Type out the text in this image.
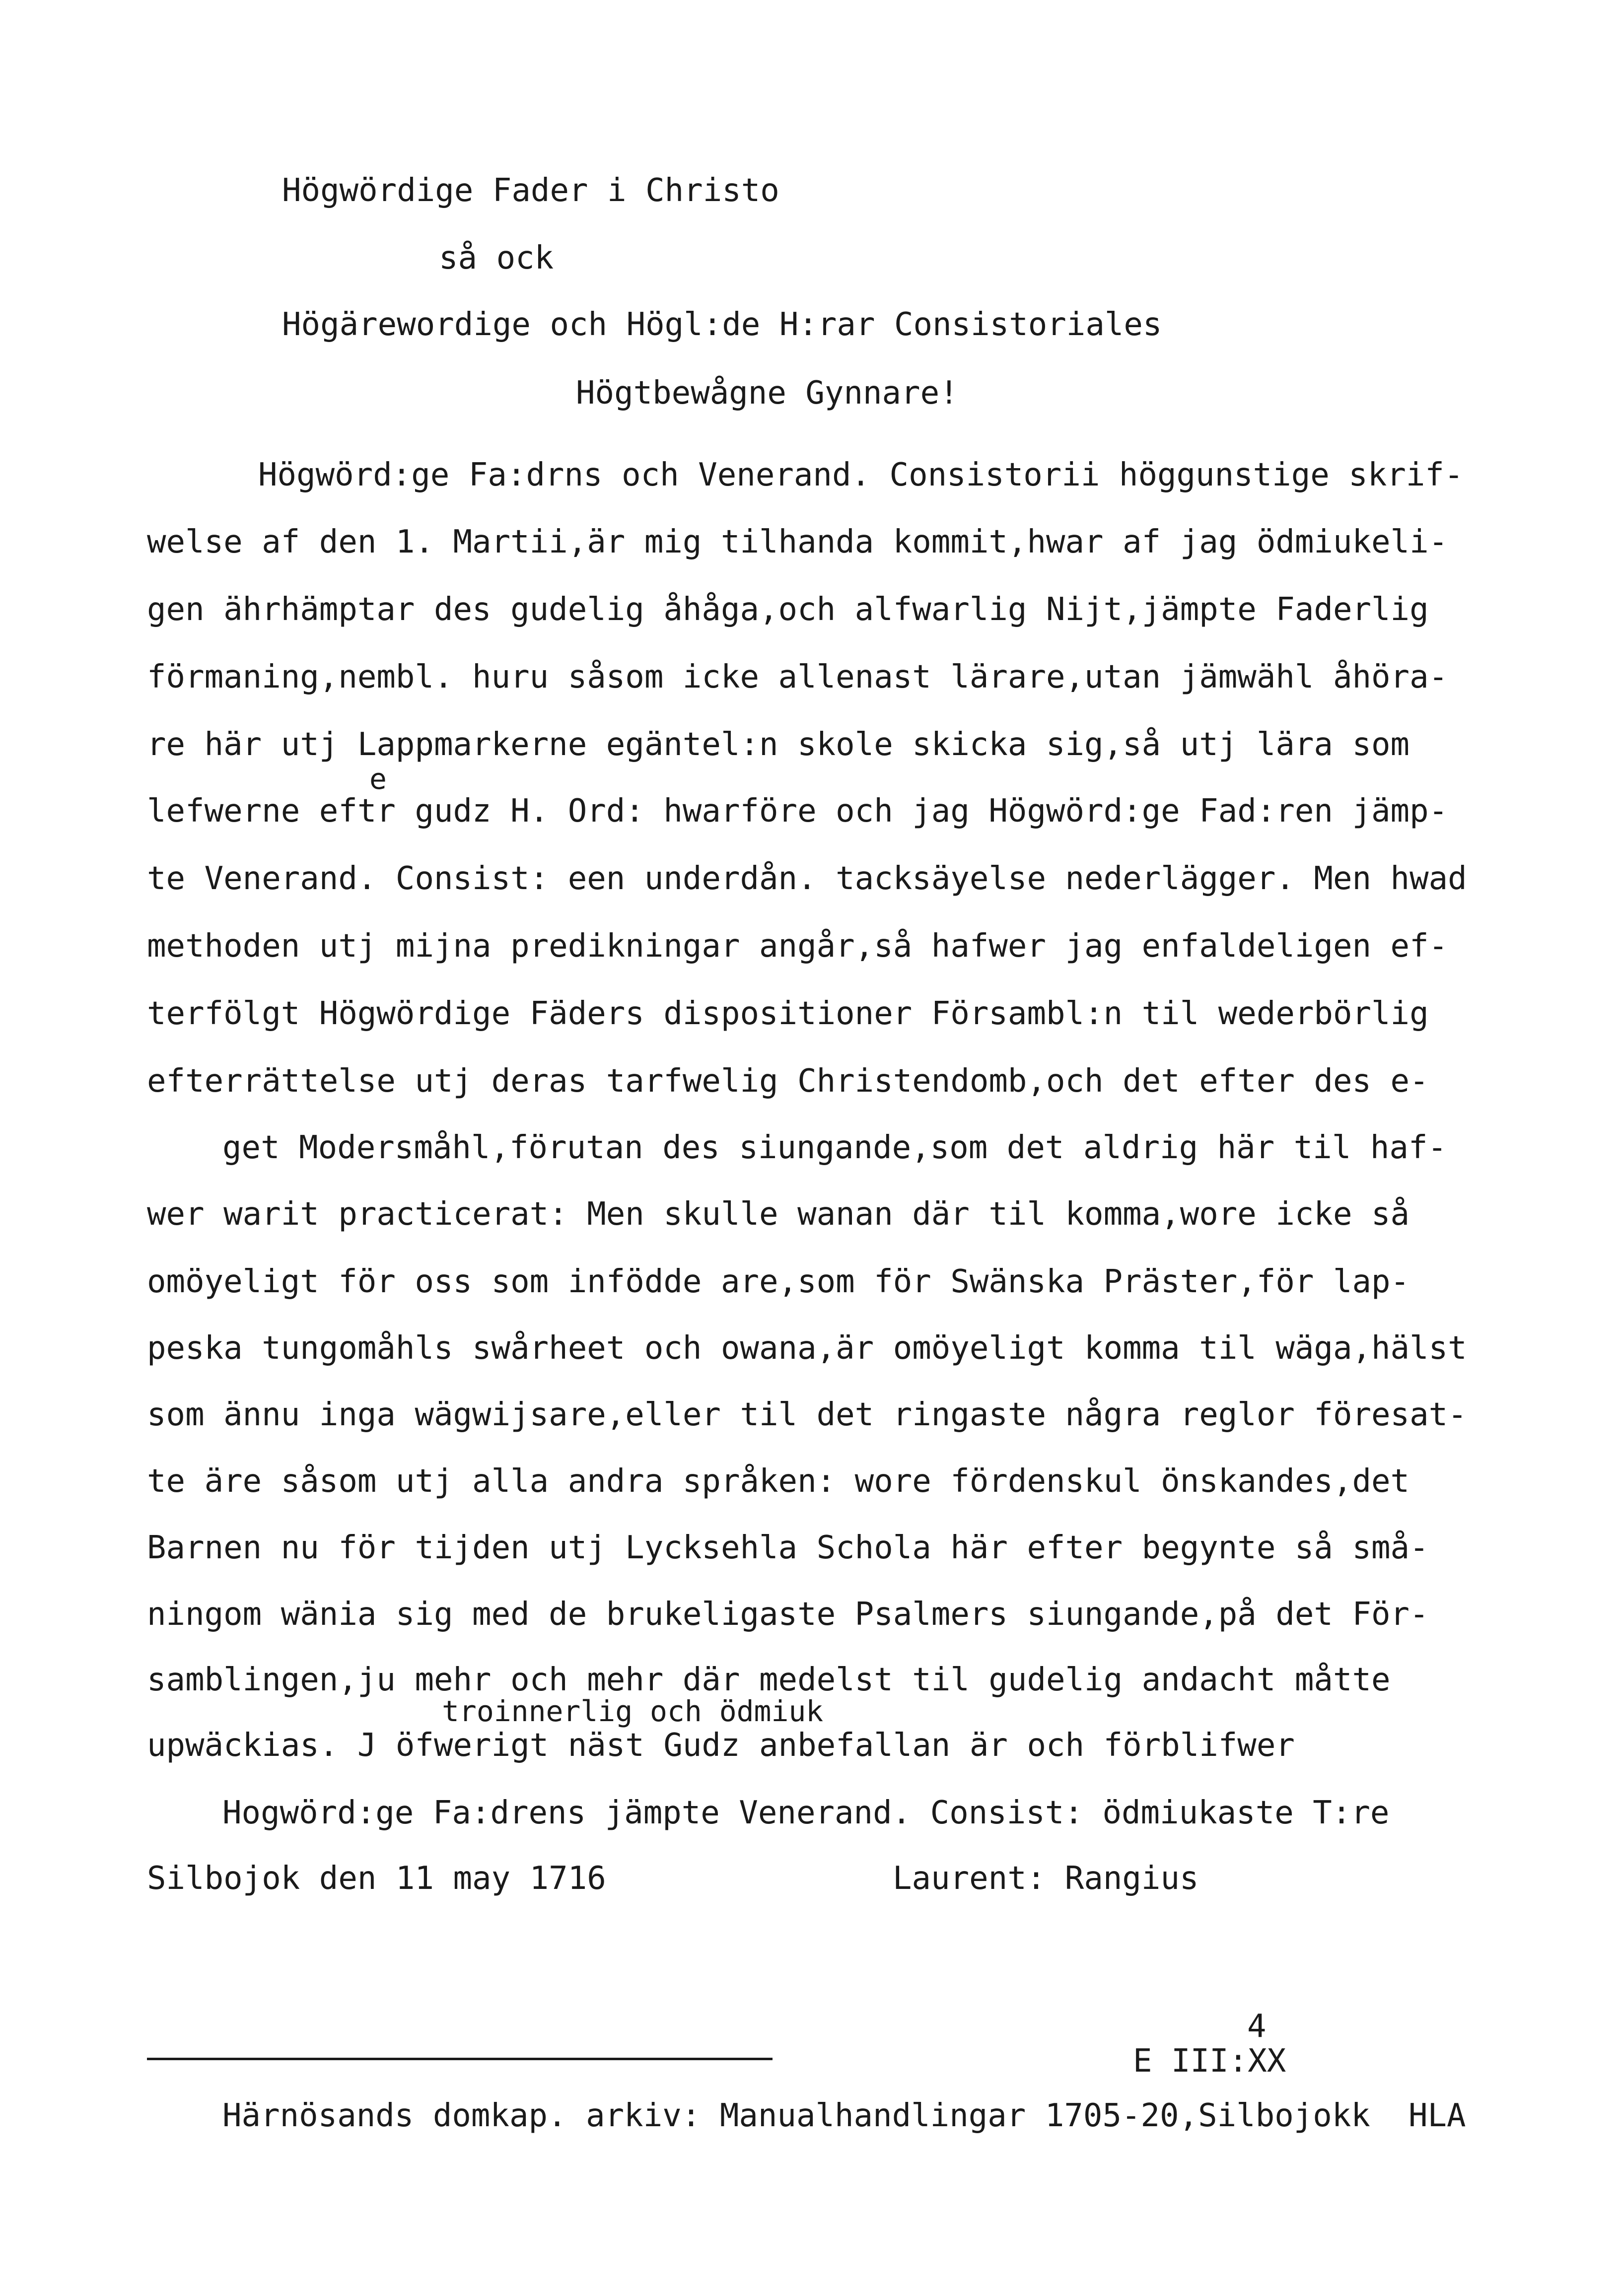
Högwördige Fader i Christo
så ock
Högärewordige och Högl:de H:rar Consistoriales
Högtbewågne Gynnare!
Högwörd:ge Fa:drns och Venerand. Consistorii höggunstige skrif-
welse af den 1. Martii,är mig tilhanda kommit,hwar af jag ödmiukeli-
gen ährhämptar des gudelig åhåga,och alfwarlig Nijt,jämpte Faderlig
förmaning,nembl. huru såsom icke allenast lärare,utan jämwähl åhöra-
re här utj Lappmarkerne egäntel:n skole skicka sig,så utj lära som
e
lefwerne eftr gudz H. Ord: hwarföre och jag Högwörd:ge Fad:ren jämp-
te Venerand. Consist: een underdån. tacksäyelse nederlägger. Men hwad
methoden utj mijna predikningar angår,så hafwer jag enfaldeligen ef-
terfölgt Högwördige Fäders dispositioner Försambl:n til wederbörlig
efterrättelse utj deras tarfwelig Christendomb,och det efter des e-
get Modersmåhl,förutan des siungande,som det aldrig här til haf-
wer warit practicerat: Men skulle wanan där til komma,wore icke så
omöyeligt för oss som infödde are,som för Swänska Präster,för lap-
peska tungomåhls swårheet och owana,är omöyeligt komma til wäga,hälst
som ännu inga wägwijsare,eller til det ringaste några reglor föresat-
te äre såsom utj alla andra språken: wore fördenskul önskandes,det
Barnen nu för tijden utj Lycksehla Schola här efter begynte så små-
ningom wänia sig med de brukeligaste Psalmers siungande,på det För-
samblingen,ju mehr och mehr där medelst til gudelig andacht måtte
troinnerlig och ödmiuk
upwäckias. J öfwerigt näst Gudz anbefallan är och förblifwer
Hogwörd:ge Fa:drens jämpte Venerand. Consist: ödmiukaste T:re
Silbojok den 11 may 1716	Laurent: Rangius
4
E III:XX
Härnösands domkap. arkiv: Manualhandlingar 1705-20,Silbojokk  HLA
